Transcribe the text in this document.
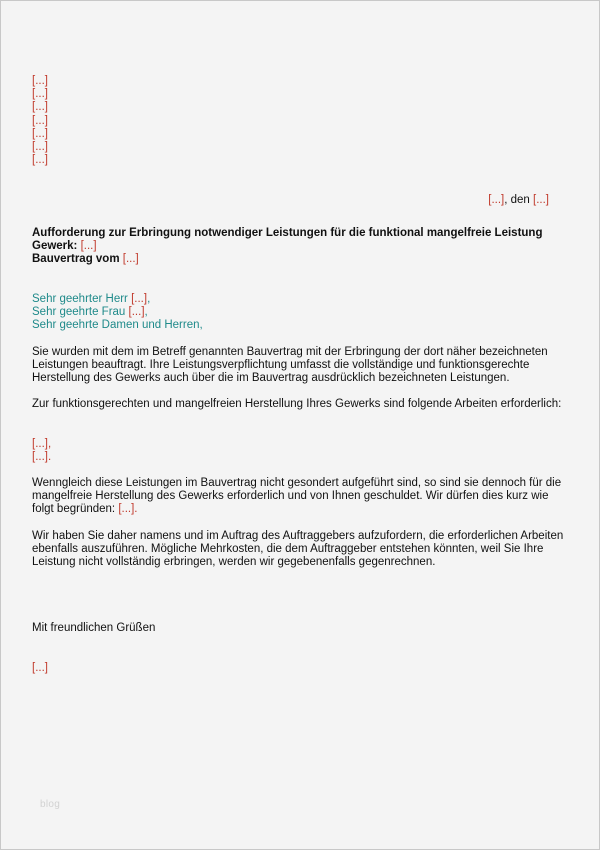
[...]
[...]
[...]
[...]
[...]
[...]
[...]
[...], den [...]
Aufforderung zur Erbringung notwendiger Leistungen für die funktional mangelfreie Leistung
Gewerk: [...]
Bauvertrag vom [...]
Sehr geehrter Herr [...],
Sehr geehrte Frau [...],
Sehr geehrte Damen und Herren,
Sie wurden mit dem im Betreff genannten Bauvertrag mit der Erbringung der dort näher bezeichneten Leistungen beauftragt. Ihre Leistungsverpflichtung umfasst die vollständige und funktionsgerechte Herstellung des Gewerks auch über die im Bauvertrag ausdrücklich bezeichneten Leistungen.
Zur funktionsgerechten und mangelfreien Herstellung Ihres Gewerks sind folgende Arbeiten erforderlich:
[...],
[...].
Wenngleich diese Leistungen im Bauvertrag nicht gesondert aufgeführt sind, so sind sie dennoch für die mangelfreie Herstellung des Gewerks erforderlich und von Ihnen geschuldet. Wir dürfen dies kurz wie folgt begründen: [...].
Wir haben Sie daher namens und im Auftrag des Auftraggebers aufzufordern, die erforderlichen Arbeiten ebenfalls auszuführen. Mögliche Mehrkosten, die dem Auftraggeber entstehen könnten, weil Sie Ihre Leistung nicht vollständig erbringen, werden wir gegebenenfalls gegenrechnen.
Mit freundlichen Grüßen
[...]
blog
